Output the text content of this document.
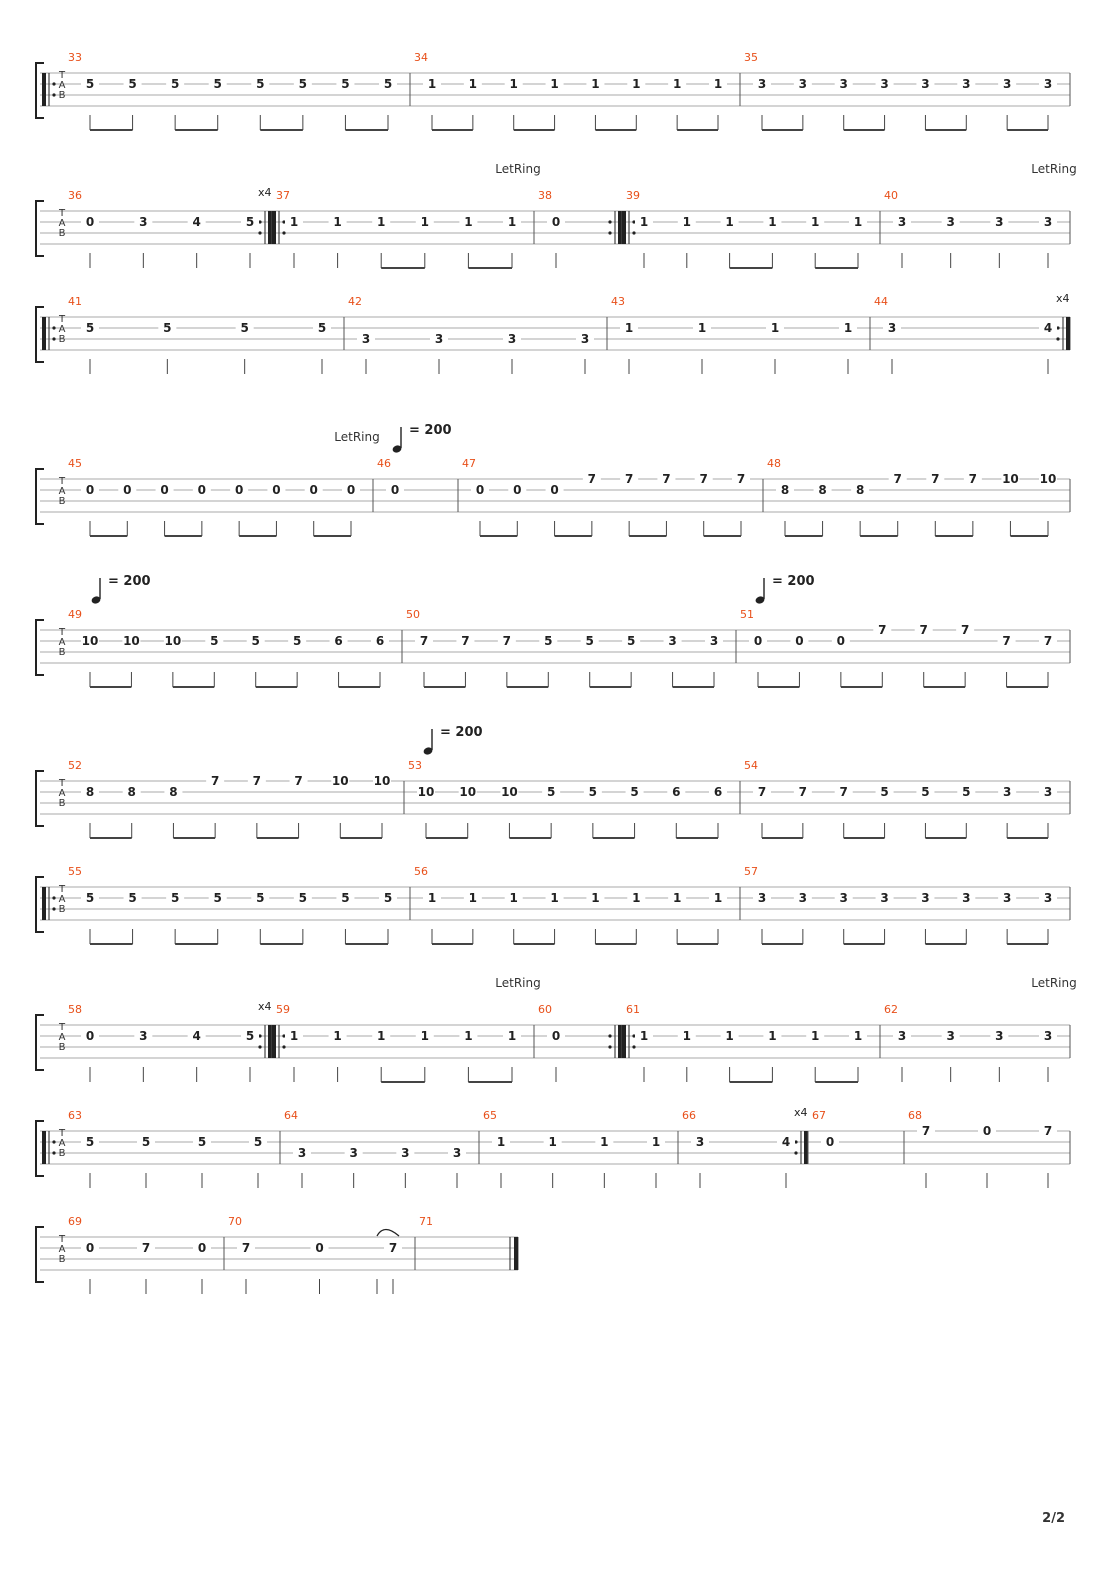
T
A
B
33
5	5	5	5	5	5	5	5
34
1	1	1	1	1	1	1	1
35
3	3	3	3	3	3	3	3
T
A
B
36	x4
0	3	4	5
37
1	1	1	1	1	1
38
0
39
1	1	1	1	1	1
40
3	3	3	3
LetRing	LetRing
T
A
B
41
5	5	5	5
42
3	3	3	3
43
1	1	1	1
44	x4
3	4
T
A
B
45
0 0 0 0 0 0 0 0
46
0
47
0 0 0
7 7 7 7 7
48
8 8 8
7 7 7 10 10
LetRing = 200
T
A
B
49
10 10 10 5	5	5	6	6
50
7	7	7	5	5	5	3	3
51
0	0	0
7	7	7
7	7
= 200	= 200
T
A
B
52
8	8	8
7	7	7 10 10
53
10 10 10 5	5	5	6	6
54
7	7	7	5	5	5	3	3
= 200
T
A
B
55
5	5	5	5	5	5	5	5
56
1	1	1	1	1	1	1	1
57
3	3	3	3	3	3	3	3
T
A
B
58	x4
0	3	4	5
59
1	1	1	1	1	1
60
0
61
1	1	1	1	1	1
62
3	3	3	3
LetRing	LetRing
T
A
B
63
5	5	5	5
64
3	3	3	3
65
1	1	1	1
66	x4
3	4
67
0
68
7	0	7
T
A
B
69
0	7	0
70
7	0	7
71
2/2
